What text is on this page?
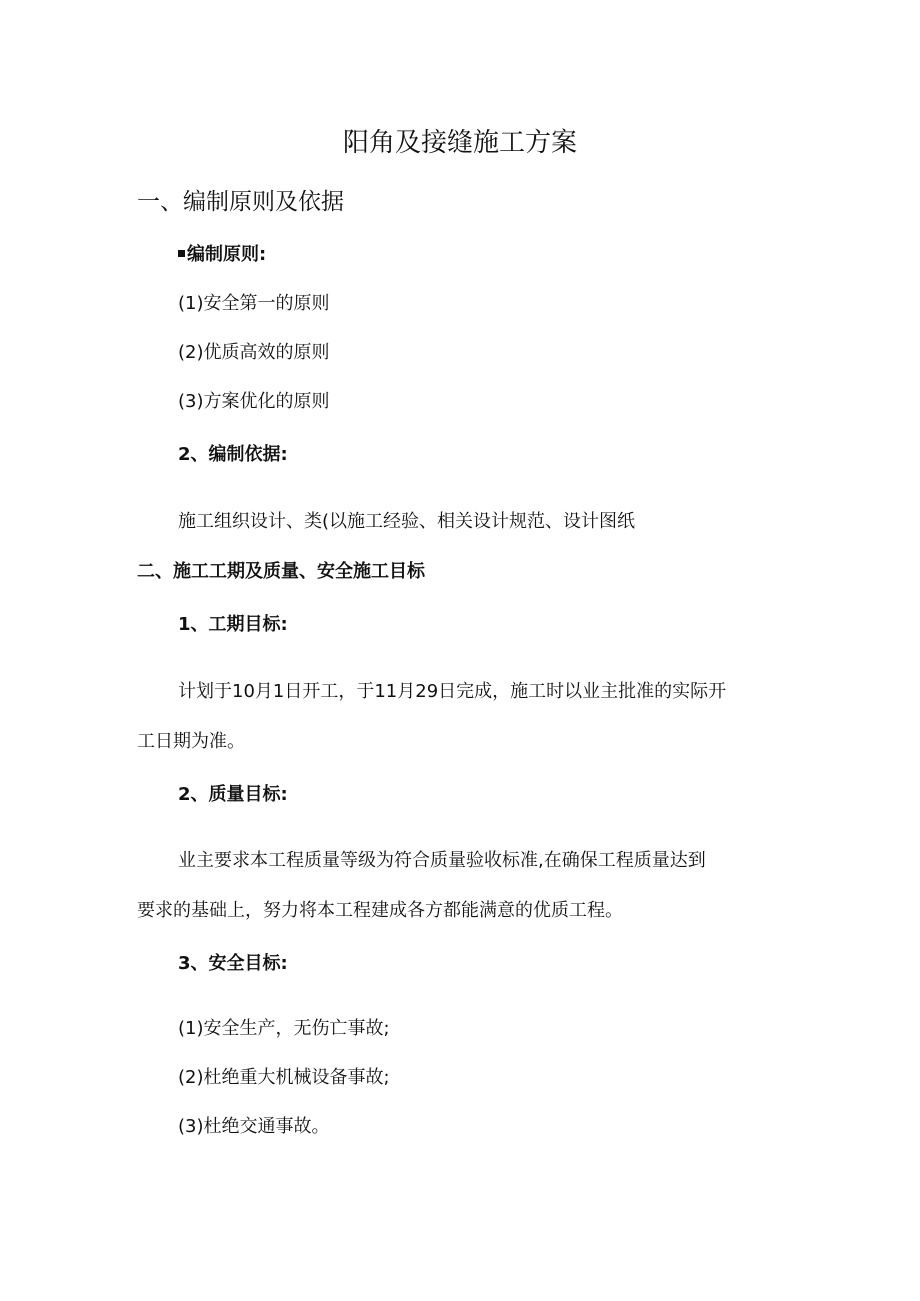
阳角及接缝施工方案
一、编制原则及依据
编制原则:
(1)安全第一的原则
(2)优质高效的原则
(3)方案优化的原则
2、编制依据:
施工组织设计、类(以施工经验、相关设计规范、设计图纸
二、施工工期及质量、安全施工目标
1、工期目标:
计划于10月1日开工，于11月29日完成，施工时以业主批准的实际开
工日期为准。
2、质量目标:
业主要求本工程质量等级为符合质量验收标准,在确保工程质量达到
要求的基础上，努力将本工程建成各方都能满意的优质工程。
3、安全目标:
(1)安全生产，无伤亡事故;
(2)杜绝重大机械设备事故;
(3)杜绝交通事故。
